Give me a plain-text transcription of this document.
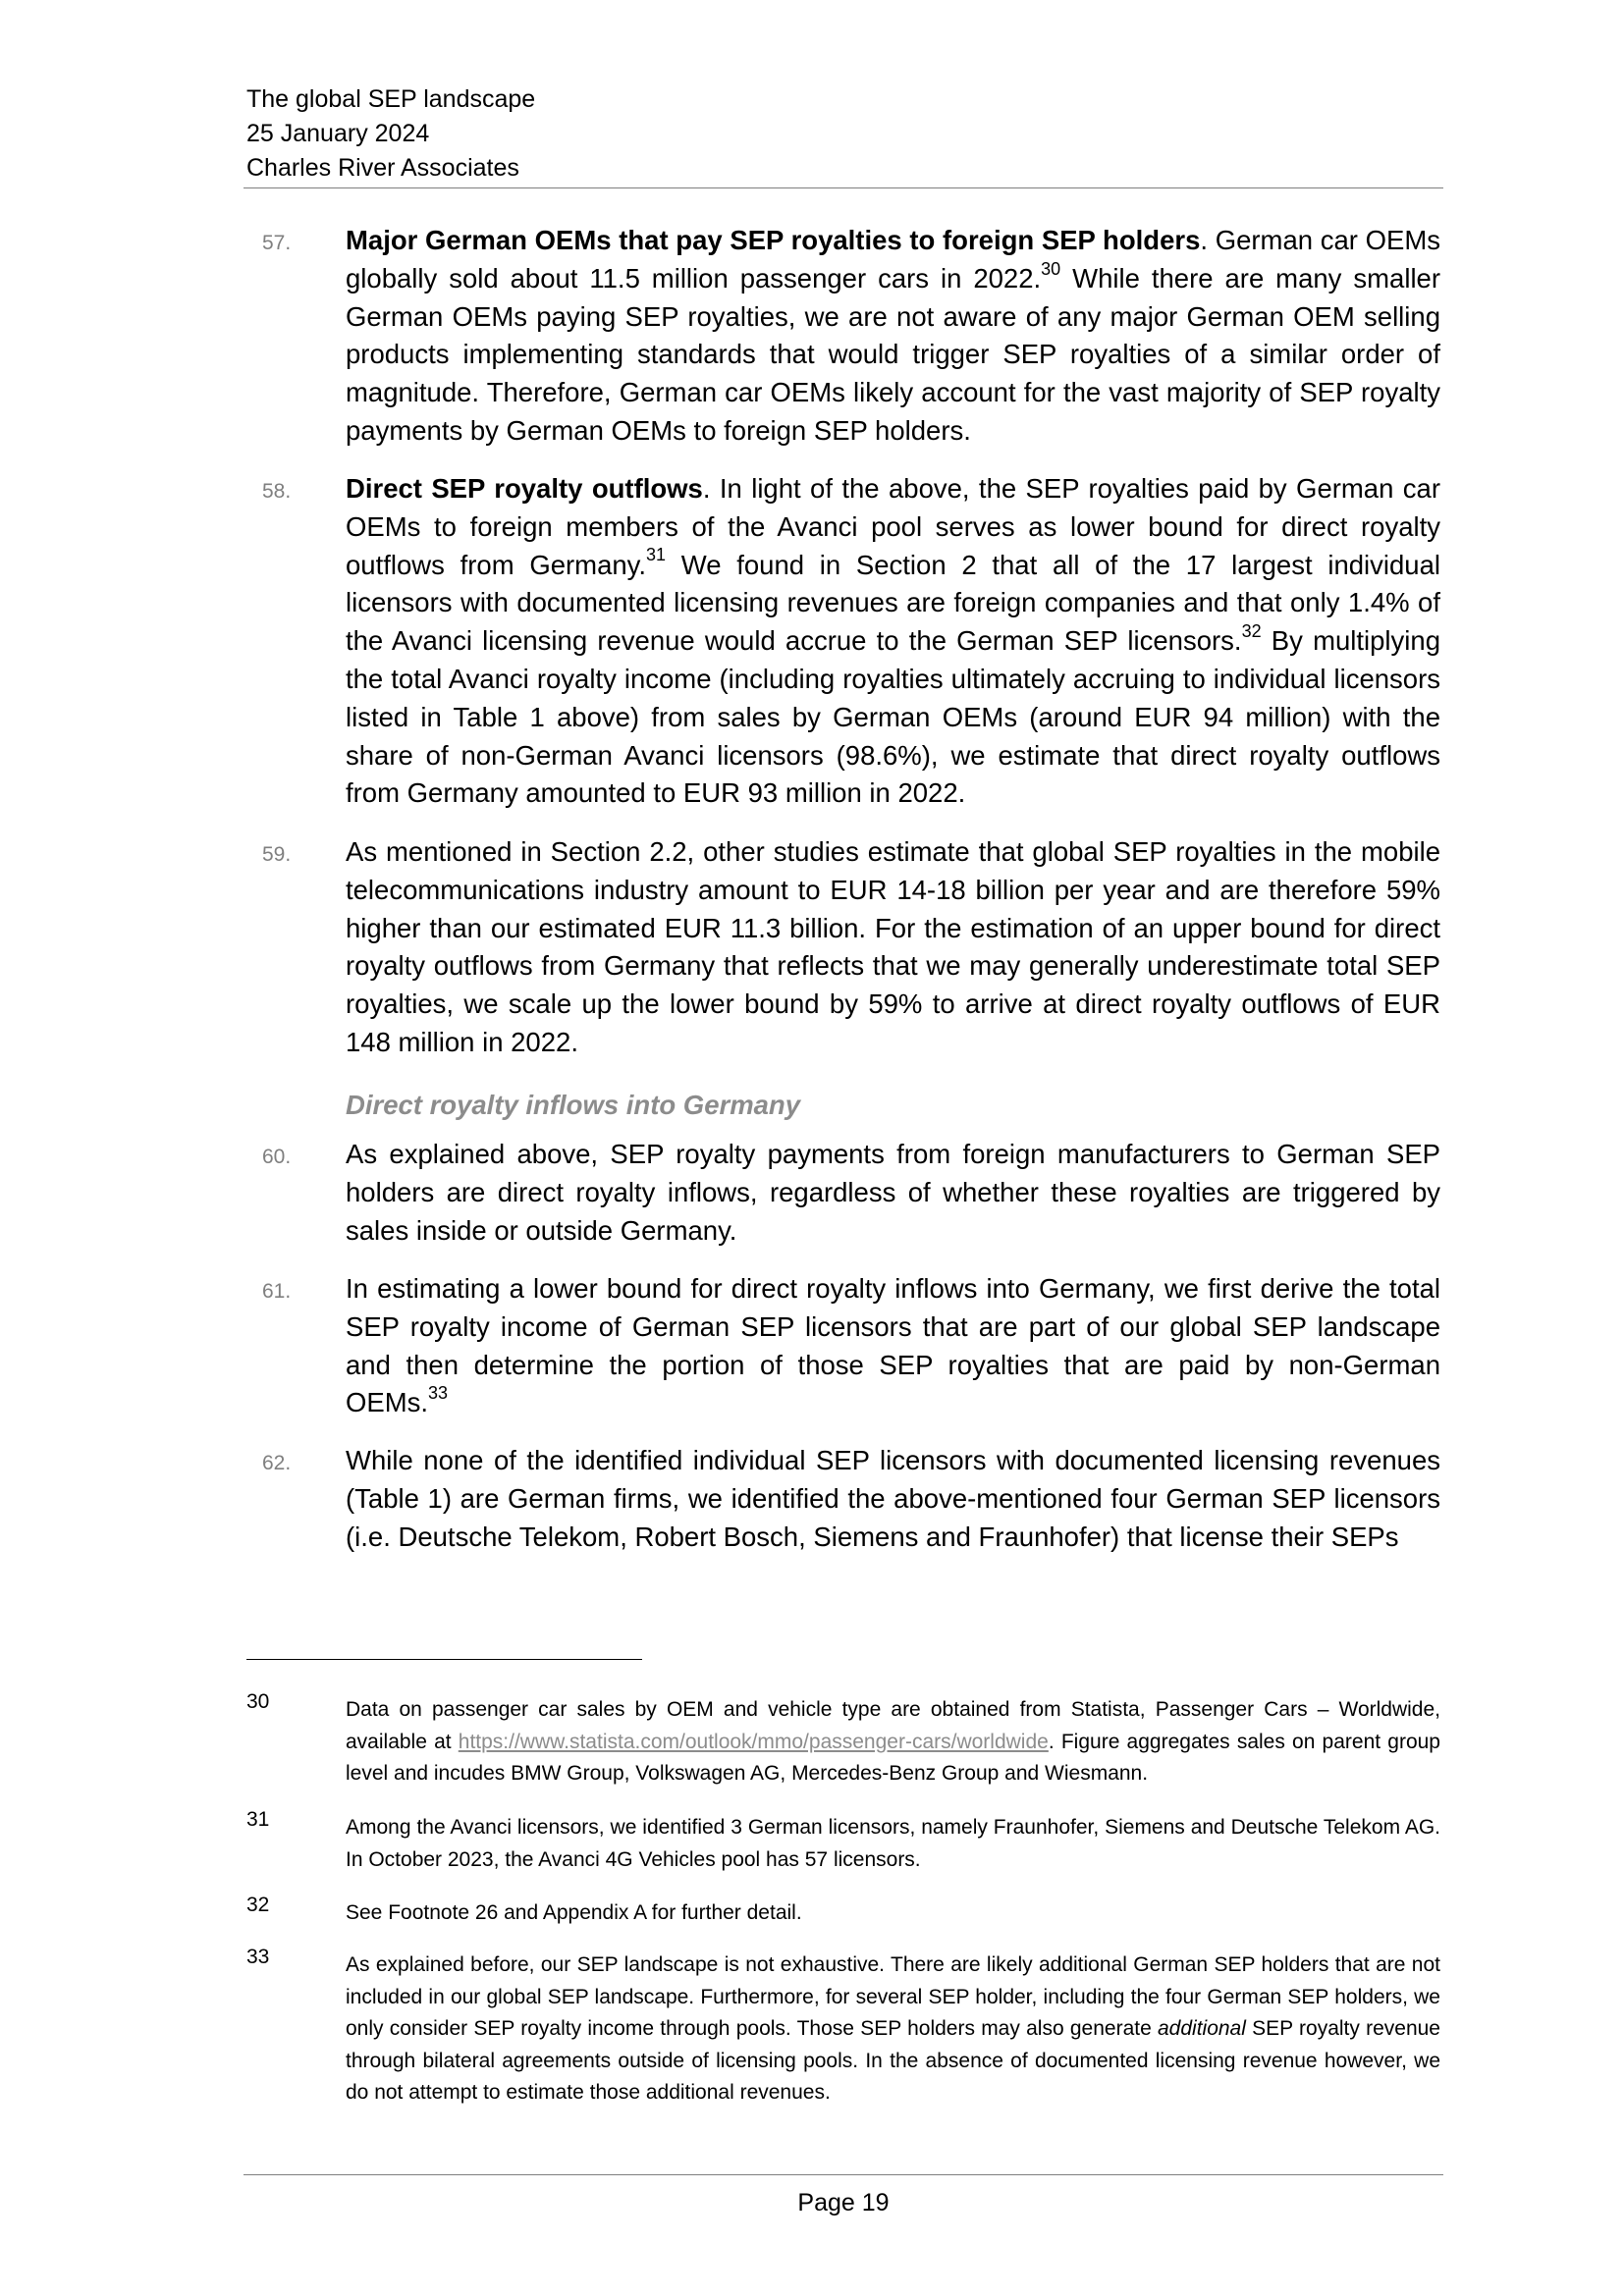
The global SEP landscape
25 January 2024
Charles River Associates
57. Major German OEMs that pay SEP royalties to foreign SEP holders. German car OEMs globally sold about 11.5 million passenger cars in 2022.30 While there are many smaller German OEMs paying SEP royalties, we are not aware of any major German OEM selling products implementing standards that would trigger SEP royalties of a similar order of magnitude. Therefore, German car OEMs likely account for the vast majority of SEP royalty payments by German OEMs to foreign SEP holders.
58. Direct SEP royalty outflows. In light of the above, the SEP royalties paid by German car OEMs to foreign members of the Avanci pool serves as lower bound for direct royalty outflows from Germany.$^{31}$ We found in Section 2 that all of the 17 largest individual licensors with documented licensing revenues are foreign companies and that only 1.4% of the Avanci licensing revenue would accrue to the German SEP licensors.$^{32}$ By multiplying the total Avanci royalty income (including royalties ultimately accruing to individual licensors listed in Table 1 above) from sales by German OEMs (around EUR 94 million) with the share of non-German Avanci licensors (98.6%), we estimate that direct royalty outflows from Germany amounted to EUR 93 million in 2022.
59. As mentioned in Section 2.2, other studies estimate that global SEP royalties in the mobile telecommunications industry amount to EUR 14-18 billion per year and are therefore 59% higher than our estimated EUR 11.3 billion. For the estimation of an upper bound for direct royalty outflows from Germany that reflects that we may generally underestimate total SEP royalties, we scale up the lower bound by 59% to arrive at direct royalty outflows of EUR 148 million in 2022.
Direct royalty inflows into Germany
60. As explained above, SEP royalty payments from foreign manufacturers to German SEP holders are direct royalty inflows, regardless of whether these royalties are triggered by sales inside or outside Germany.
61. In estimating a lower bound for direct royalty inflows into Germany, we first derive the total SEP royalty income of German SEP licensors that are part of our global SEP landscape and then determine the portion of those SEP royalties that are paid by non-German OEMs.$^{33}$
62. While none of the identified individual SEP licensors with documented licensing revenues (Table 1) are German firms, we identified the above-mentioned four German SEP licensors (i.e. Deutsche Telekom, Robert Bosch, Siemens and Fraunhofer) that license their SEPs
30	Data on passenger car sales by OEM and vehicle type are obtained from Statista, Passenger Cars – Worldwide, available at https://www.statista.com/outlook/mmo/passenger-cars/worldwide. Figure aggregates sales on parent group level and incudes BMW Group, Volkswagen AG, Mercedes-Benz Group and Wiesmann.
31	Among the Avanci licensors, we identified 3 German licensors, namely Fraunhofer, Siemens and Deutsche Telekom AG. In October 2023, the Avanci 4G Vehicles pool has 57 licensors.
32	See Footnote 26 and Appendix A for further detail.
33	As explained before, our SEP landscape is not exhaustive. There are likely additional German SEP holders that are not included in our global SEP landscape. Furthermore, for several SEP holder, including the four German SEP holders, we only consider SEP royalty income through pools. Those SEP holders may also generate additional SEP royalty revenue through bilateral agreements outside of licensing pools. In the absence of documented licensing revenue however, we do not attempt to estimate those additional revenues.
Page 19
